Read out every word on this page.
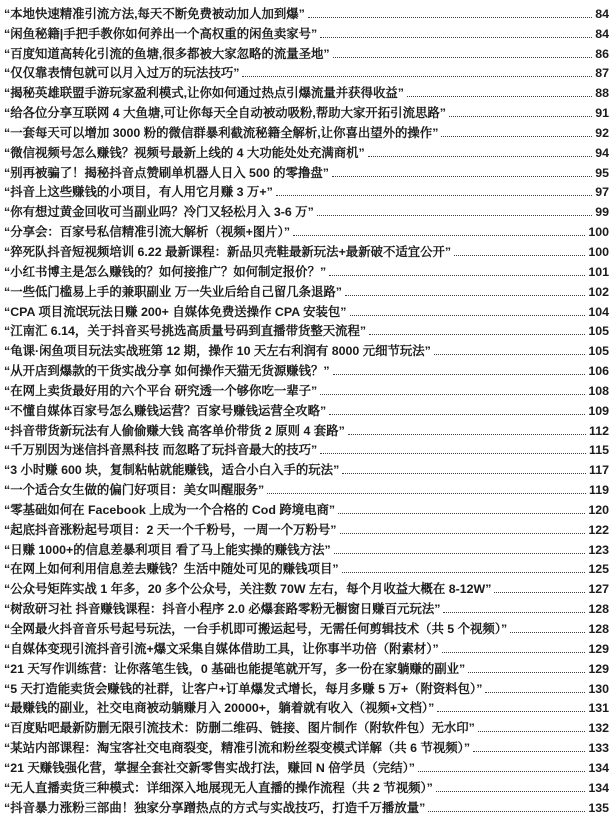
“本地快速精准引流方法,每天不断免费被动加人加到爆”	84
“闲鱼秘籍|手把手教你如何养出一个高权重的闲鱼卖家号”	84
“百度知道高转化引流的鱼塘,很多都被大家忽略的流量圣地”	86
“仅仅靠表情包就可以月入过万的玩法技巧”	87
“揭秘英雄联盟手游玩家盈利模式,让你如何通过热点引爆流量并获得收益”	88
“给各位分享互联网 4 大鱼塘,可让你每天全自动被动吸粉,帮助大家开拓引流思路”	91
“一套每天可以增加 3000 粉的微信群暴利截流秘籍全解析,让你喜出望外的操作”	92
“微信视频号怎么赚钱？视频号最新上线的 4 大功能处处充满商机”	94
“别再被骗了！揭秘抖音点赞刷单机器人日入 500 的零撸盘”	95
“抖音上这些赚钱的小项目，有人用它月赚 3 万+”	97
“你有想过黄金回收可当副业吗？冷门又轻松月入 3-6 万”	99
“分享会：百家号私信精准引流大解析（视频+图片）”	100
“猝死队抖音短视频培训 6.22 最新课程：新品贝壳鞋最新玩法+最新破不适宜公开”	100
“小红书博主是怎么赚钱的？如何接推广？如何制定报价？”	101
“一些低门槛易上手的兼职副业 万一失业后给自己留几条退路”	102
“CPA 项目流氓玩法日赚 200+ 自媒体免费送操作 CPA 安装包”	104
“江南汇 6.14，关于抖音买号挑选高质量号码到直播带货整天流程”	105
“龟课·闲鱼项目玩法实战班第 12 期，操作 10 天左右利润有 8000 元细节玩法”	105
“从开店到爆款的干货实战分享 如何操作天猫无货源赚钱？”	106
“在网上卖货最好用的六个平台 研究透一个够你吃一辈子”	108
“不懂自媒体百家号怎么赚钱运营？百家号赚钱运营全攻略”	109
“抖音带货新玩法有人偷偷赚大钱 高客单价带货 2 原则 4 套路”	112
“千万别因为迷信抖音黑科技 而忽略了玩抖音最大的技巧”	115
“3 小时赚 600 块，复制粘帖就能赚钱，适合小白入手的玩法”	117
“一个适合女生做的偏门好项目：美女叫醒服务”	119
“零基础如何在 Facebook 上成为一个合格的 Cod 跨境电商”	120
“起底抖音涨粉起号项目：2 天一个千粉号，一周一个万粉号”	122
“日赚 1000+的信息差暴利项目 看了马上能实操的赚钱方法”	123
“在网上如何利用信息差去赚钱？生活中随处可见的赚钱项目”	125
“公众号矩阵实战 1 年多，20 多个公众号，关注数 70W 左右，每个月收益大概在 8-12W”	127
“树敌研习社 抖音赚钱课程：抖音小程序 2.0 必爆套路零粉无橱窗日赚百元玩法”	128
“全网最火抖音音乐号起号玩法，一台手机即可搬运起号，无需任何剪辑技术（共 5 个视频）”	128
“自媒体变现引流抖音引流+爆文采集自媒体借助工具，让你事半功倍（附素材）”	129
“21 天写作训练营：让你落笔生钱，0 基础也能提笔就开写，多一份在家躺赚的副业”	129
“5 天打造能卖货会赚钱的社群，让客户+订单爆发式增长，每月多赚 5 万+（附资料包）”	130
“最赚钱的副业，社交电商被动躺赚月入 20000+，躺着就有收入（视频+文档）”	131
“百度贴吧最新防删无限引流技术：防删二维码、链接、图片制作（附软件包）无水印”	132
“某站内部课程：淘宝客社交电商裂变，精准引流和粉丝裂变模式详解（共 6 节视频）”	133
“21 天赚钱强化营，掌握全套社交新零售实战打法，赚回 N 倍学员（完结）”	134
“无人直播卖货三种模式：详细深入地展现无人直播的操作流程（共 2 节视频）”	134
“抖音暴力涨粉三部曲！独家分享蹭热点的方式与实战技巧，打造千万播放量”	135
